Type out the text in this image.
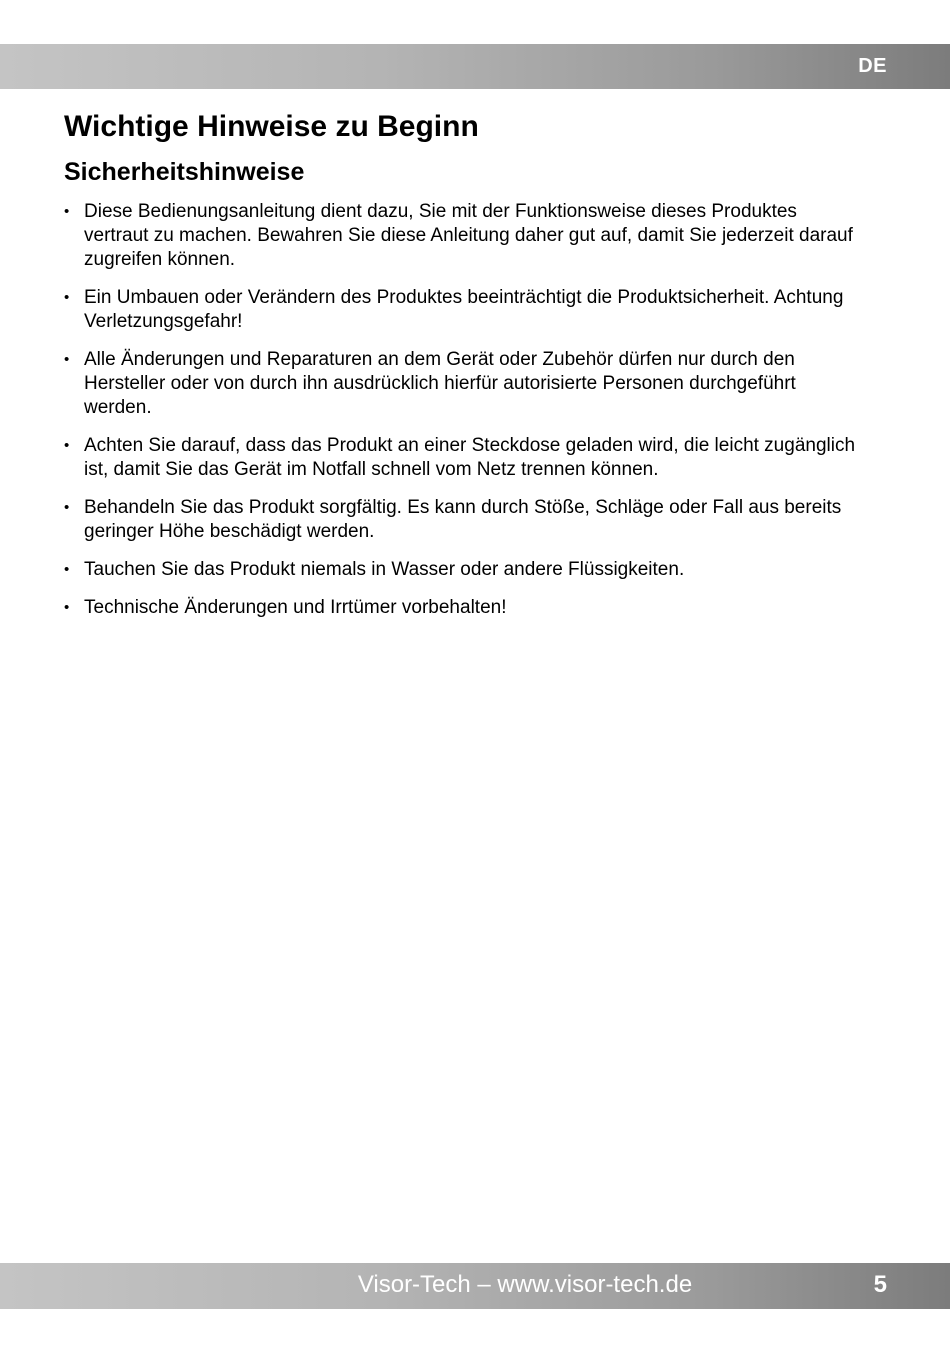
DE
Wichtige Hinweise zu Beginn
Sicherheitshinweise
• Diese Bedienungsanleitung dient dazu, Sie mit der Funktionsweise dieses Produktes vertraut zu machen. Bewahren Sie diese Anleitung daher gut auf, damit Sie jederzeit darauf zugreifen können.
• Ein Umbauen oder Verändern des Produktes beeinträchtigt die Produktsicherheit. Achtung Verletzungsgefahr!
• Alle Änderungen und Reparaturen an dem Gerät oder Zubehör dürfen nur durch den Hersteller oder von durch ihn ausdrücklich hierfür autorisierte Personen durchgeführt werden.
• Achten Sie darauf, dass das Produkt an einer Steckdose geladen wird, die leicht zugänglich ist, damit Sie das Gerät im Notfall schnell vom Netz trennen können.
• Behandeln Sie das Produkt sorgfältig. Es kann durch Stöße, Schläge oder Fall aus bereits geringer Höhe beschädigt werden.
• Tauchen Sie das Produkt niemals in Wasser oder andere Flüssigkeiten.
• Technische Änderungen und Irrtümer vorbehalten!
Visor-Tech – www.visor-tech.de	5
